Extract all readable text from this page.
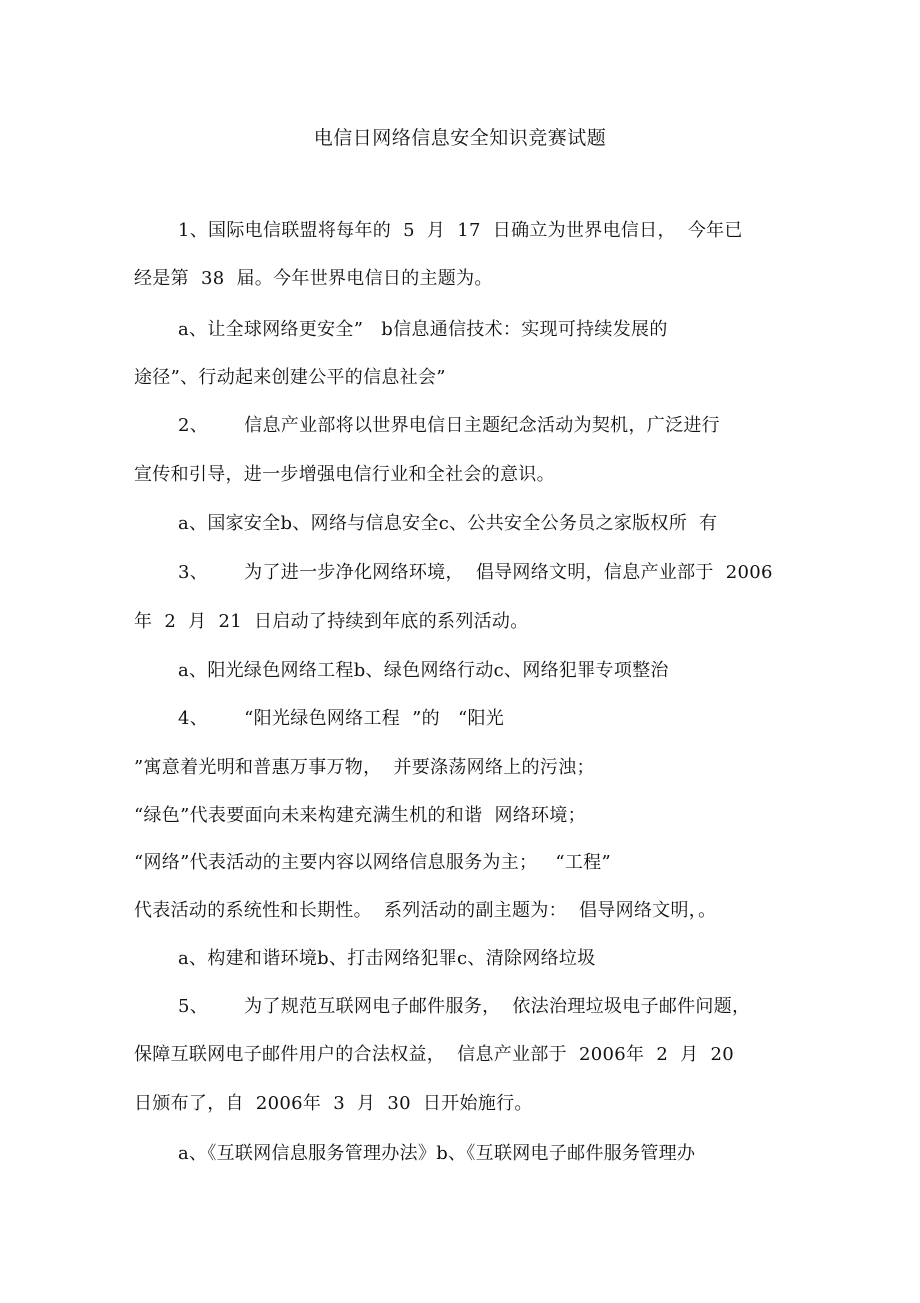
电信日网络信息安全知识竞赛试题
1、国际电信联盟将每年的  5  月  17  日确立为世界电信日，  今年已
经是第  38  届。今年世界电信日的主题为。
a、让全球网络更安全”   b信息通信技术：实现可持续发展的
途径”、行动起来创建公平的信息社会”
2、      信息产业部将以世界电信日主题纪念活动为契机，广泛进行
宣传和引导，进一步增强电信行业和全社会的意识。
a、国家安全b、网络与信息安全c、公共安全公务员之家版权所  有
3、      为了进一步净化网络环境，  倡导网络文明，信息产业部于  2006
年  2  月  21  日启动了持续到年底的系列活动。
a、阳光绿色网络工程b、绿色网络行动c、网络犯罪专项整治
4、      “阳光绿色网络工程  ”的   “阳光
”寓意着光明和普惠万事万物，  并要涤荡网络上的污浊；
“绿色”代表要面向未来构建充满生机的和谐  网络环境；
“网络”代表活动的主要内容以网络信息服务为主；   “工程”
代表活动的系统性和长期性。  系列活动的副主题为：  倡导网络文明，。
a、构建和谐环境b、打击网络犯罪c、清除网络垃圾
5、      为了规范互联网电子邮件服务，  依法治理垃圾电子邮件问题，
保障互联网电子邮件用户的合法权益，  信息产业部于  2006年  2  月  20
日颁布了，自  2006年  3  月  30  日开始施行。
a、《互联网信息服务管理办法》b、《互联网电子邮件服务管理办
